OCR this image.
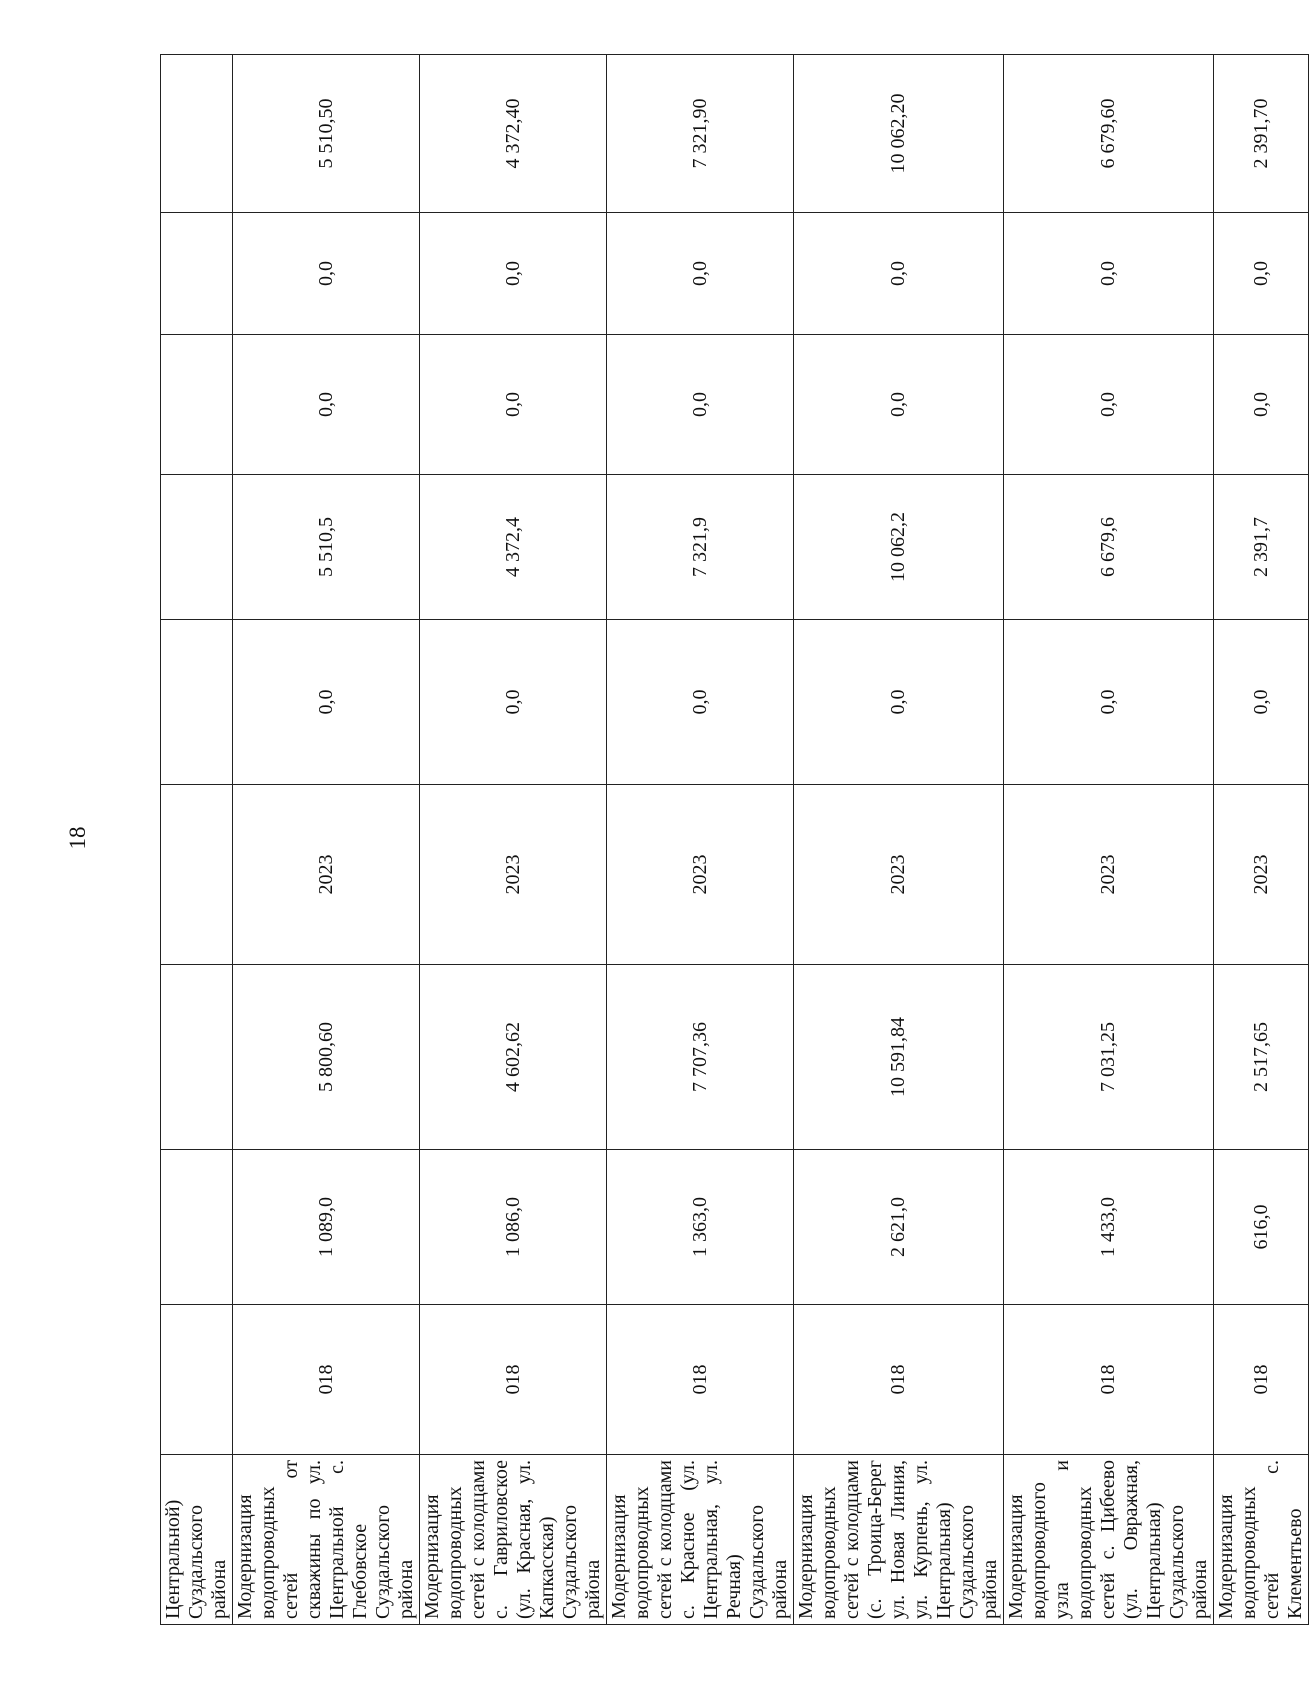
18
Центральной) Суздальского района									
Модернизация водопроводных сетей от скважины по ул. Центральной с. Глебовское Суздальского района	018	1 089,0	5 800,60	2023	0,0	5 510,5	0,0	0,0	5 510,50
Модернизация водопроводных сетей с колодцами с. Гавриловское (ул. Красная, ул. Капкасская) Суздальского района	018	1 086,0	4 602,62	2023	0,0	4 372,4	0,0	0,0	4 372,40
Модернизация водопроводных сетей с колодцами с. Красное (ул. Центральная, ул. Речная) Суздальского района	018	1 363,0	7 707,36	2023	0,0	7 321,9	0,0	0,0	7 321,90
Модернизация водопроводных сетей с колодцами (с. Троица-Берег ул. Новая Линия, ул. Курпень, ул. Центральная) Суздальского района	018	2 621,0	10 591,84	2023	0,0	10 062,2	0,0	0,0	10 062,20
Модернизация водопроводного узла и водопроводных сетей с. Цибеево (ул. Овражная, Центральная) Суздальского района	018	1 433,0	7 031,25	2023	0,0	6 679,6	0,0	0,0	6 679,60
Модернизация водопроводных сетей с. Клементьево	018	616,0	2 517,65	2023	0,0	2 391,7	0,0	0,0	2 391,70
